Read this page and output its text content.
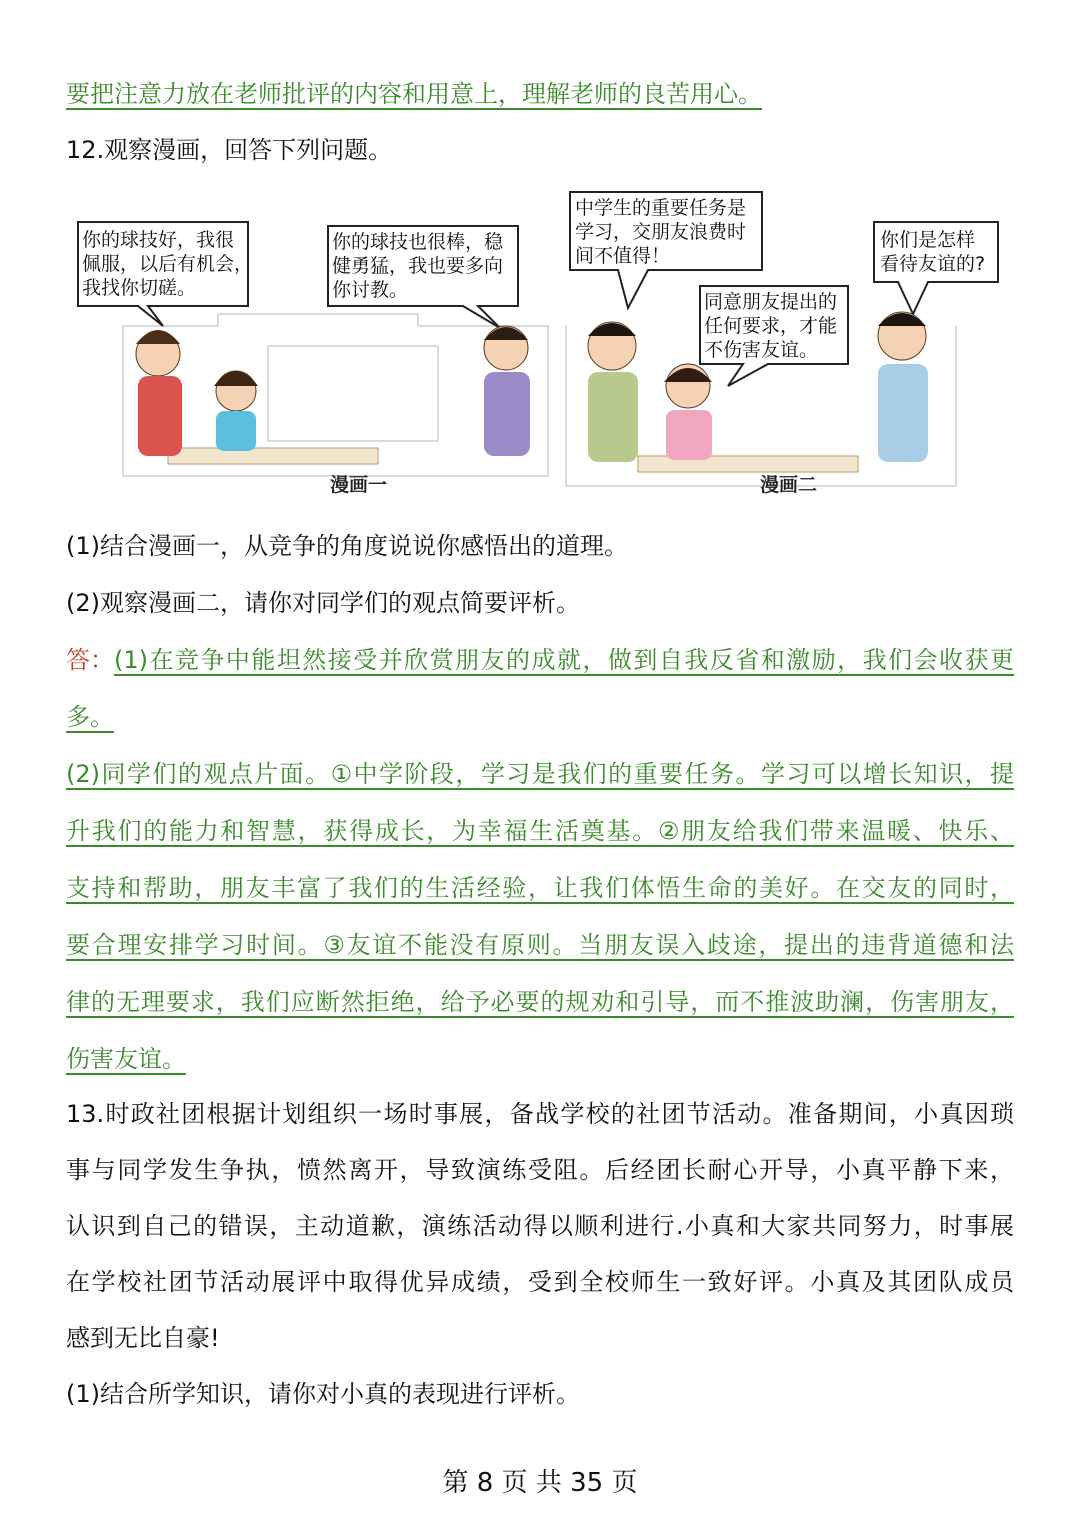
要把注意力放在老师批评的内容和用意上，理解老师的良苦用心。
12.观察漫画，回答下列问题。
你的球技好，我很
佩服，以后有机会，
我找你切磋。
你的球技也很棒，稳
健勇猛，我也要多向
你讨教。
中学生的重要任务是
学习，交朋友浪费时
间不值得！
同意朋友提出的
任何要求，才能
不伤害友谊。
你们是怎样
看待友谊的?
漫画一	漫画二
(1)结合漫画一，从竞争的角度说说你感悟出的道理。
(2)观察漫画二，请你对同学们的观点简要评析。
答： (1)在竞争中能坦然接受并欣赏朋友的成就，做到自我反省和激励，我们会收获更
多。
(2)同学们的观点片面。①中学阶段，学习是我们的重要任务。学习可以增长知识，提
升我们的能力和智慧，获得成长，为幸福生活奠基。②朋友给我们带来温暖、快乐、
支持和帮助，朋友丰富了我们的生活经验，让我们体悟生命的美好。在交友的同时，
要合理安排学习时间。③友谊不能没有原则。当朋友误入歧途，提出的违背道德和法
律的无理要求，我们应断然拒绝，给予必要的规劝和引导，而不推波助澜，伤害朋友，
伤害友谊。
13.时政社团根据计划组织一场时事展，备战学校的社团节活动。准备期间，小真因琐
事与同学发生争执，愤然离开，导致演练受阻。后经团长耐心开导，小真平静下来，
认识到自己的错误，主动道歉，演练活动得以顺利进行.小真和大家共同努力，时事展
在学校社团节活动展评中取得优异成绩，受到全校师生一致好评。小真及其团队成员
感到无比自豪!
(1)结合所学知识，请你对小真的表现进行评析。
第 8 页 共 35 页
